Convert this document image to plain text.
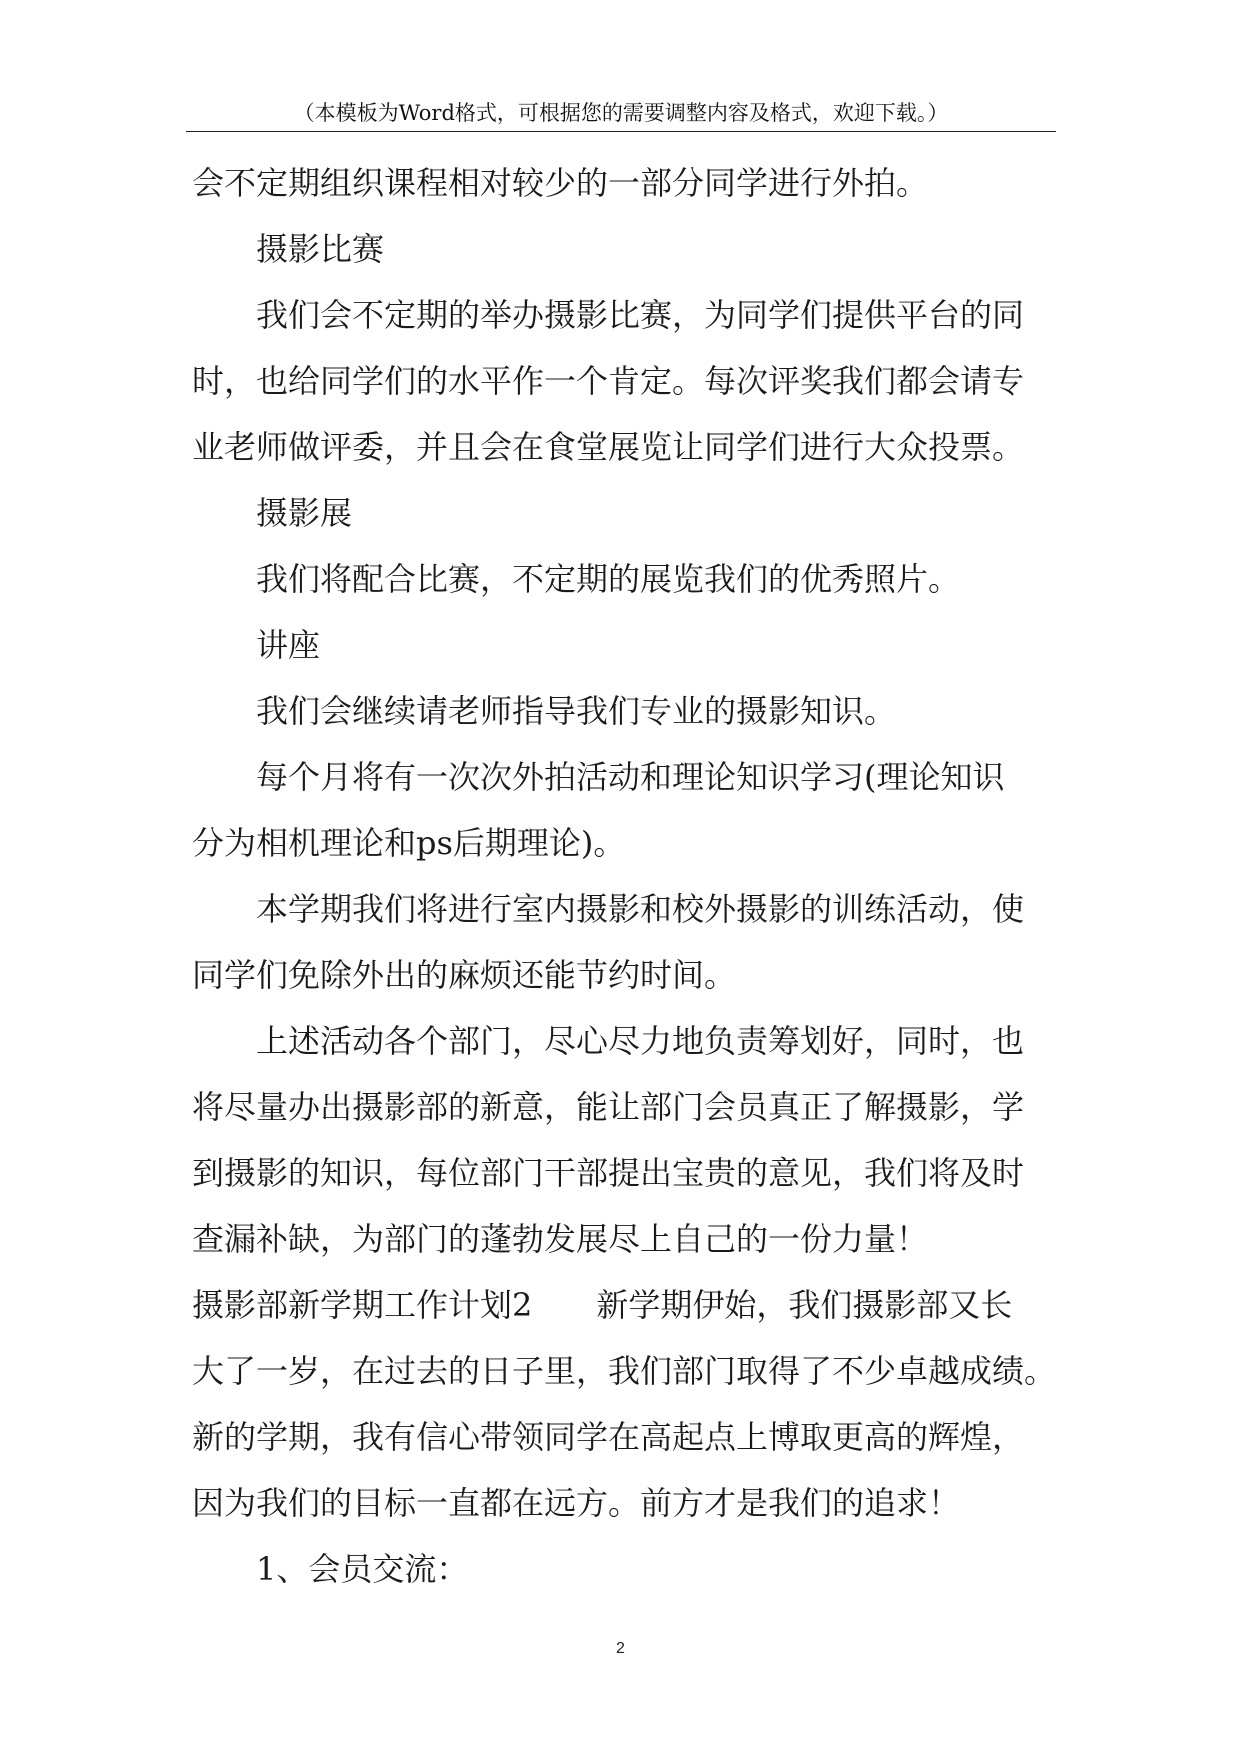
（本模板为Word格式，可根据您的需要调整内容及格式，欢迎下载。）
会不定期组织课程相对较少的一部分同学进行外拍。
摄影比赛
我们会不定期的举办摄影比赛，为同学们提供平台的同
时，也给同学们的水平作一个肯定。每次评奖我们都会请专
业老师做评委，并且会在食堂展览让同学们进行大众投票。
摄影展
我们将配合比赛，不定期的展览我们的优秀照片。
讲座
我们会继续请老师指导我们专业的摄影知识。
每个月将有一次次外拍活动和理论知识学习(理论知识
分为相机理论和ps后期理论)。
本学期我们将进行室内摄影和校外摄影的训练活动，使
同学们免除外出的麻烦还能节约时间。
上述活动各个部门，尽心尽力地负责筹划好，同时，也
将尽量办出摄影部的新意，能让部门会员真正了解摄影，学
到摄影的知识，每位部门干部提出宝贵的意见，我们将及时
查漏补缺，为部门的蓬勃发展尽上自己的一份力量！
摄影部新学期工作计划2　　新学期伊始，我们摄影部又长
大了一岁，在过去的日子里，我们部门取得了不少卓越成绩。
新的学期，我有信心带领同学在高起点上博取更高的辉煌，
因为我们的目标一直都在远方。前方才是我们的追求！
1、会员交流：
2
